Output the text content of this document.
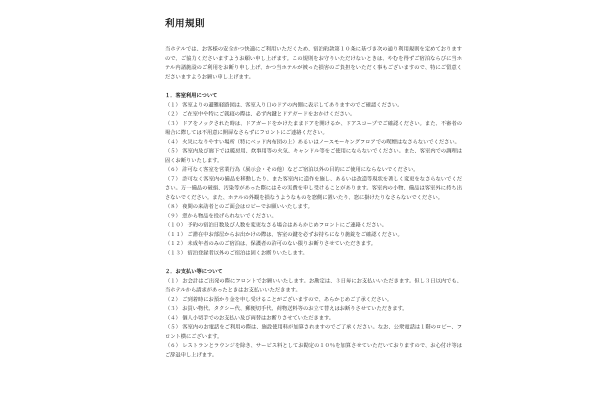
利用規則

当ホテルでは、お客様の安全かつ快適にご利用いただくため、宿泊約款第１０条に基づき次の通り利用規則を定めておりますので、ご協力くださいますようお願い申し上げます。この規則をお守りいただけないときは、やむを得ずご宿泊ならびに当ホテル内諸施設のご利用をお断り申し上げ、かつ当ホテルが被った損害のご負担をいただく事もございますので、特にご留意くださいますようお願い申し上げます。

１．客室利用について

（１） 客室よりの避難経路図は、客室入り口のドアの内側に表示してありますのでご確認ください。

（２） ご在室中や特にご就寝の際は、必ず内鍵とドアガードをおかけください。

（３） ドアをノックされた時は、ドアガードをかけたままドアを開けるか、ドアスコープでご確認ください。また、不審者の場合に際しては不用意に開扉なさらずにフロントにご連絡ください。

（４） 火災になりやすい場所（特にベッド内布団の上）あるいはノースモーキングフロアでの喫煙はなさらないでください。

（５） 客室内及び廊下では暖房用、炊事用等の火気、キャンドル等をご使用にならないでください。また、客室内での調理は固くお断りいたします。

（６） 許可なく客室を営業行為（展示会・その他）などご宿泊以外の目的にご使用にならないでください。

（７） 許可なく客室内の備品を移動したり、また客室内に造作を施し、あるいは改造等現状を著しく変更をなさらないでください。万一備品の破損、汚染等があった際にはその実費を申し受けることがあります。客室内の小物、備品は客室外に持ち出さないでください。また、ホテルの外観を損なうようなものを窓側に置いたり、窓に掛けたりなさらないでください。

（８） 夜間の来訪者とのご面会はロビーでお願いいたします。

（９） 窓から物品を投げられないでください。

（１０） 予約の宿泊日数及び人数を変更なさる場合はあらかじめフロントにご連絡ください。

（１１） ご滞在中お部屋からお出かけの際は、客室の鍵を必ずお持ちになり施錠をご確認ください。

（１２） 未成年者のみのご宿泊は、保護者の許可のない限りお断りさせていただきます。

（１３） 宿泊登録者以外のご宿泊は固くお断りいたします。

２．お支払い等について

（１） お会計はご出発の際にフロントでお願いいたします。お勘定は、３日毎にお支払いいただきます。但し３日以内でも、当ホテルから請求があったときはお支払いいただきます。

（２） ご到着時にお預かり金を申し受けることがございますので、あらかじめご了承ください。

（３） お買い物代、タクシー代、郵便切手代、荷物送料等のお立て替えはお断りさせていただきます。

（４） 個人小切手でのお支払い及び両替はお断りさせていただきます。

（５） 客室内のお電話をご利用の際は、施設使用料が加算されますのでご了承ください。なお、公衆電話は１階のロビー、フロント横にございます。

（６） レストランとラウンジを除き、サービス料としてお勘定の１０％を加算させていただいておりますので、お心付け等はご辞退申し上げます。
